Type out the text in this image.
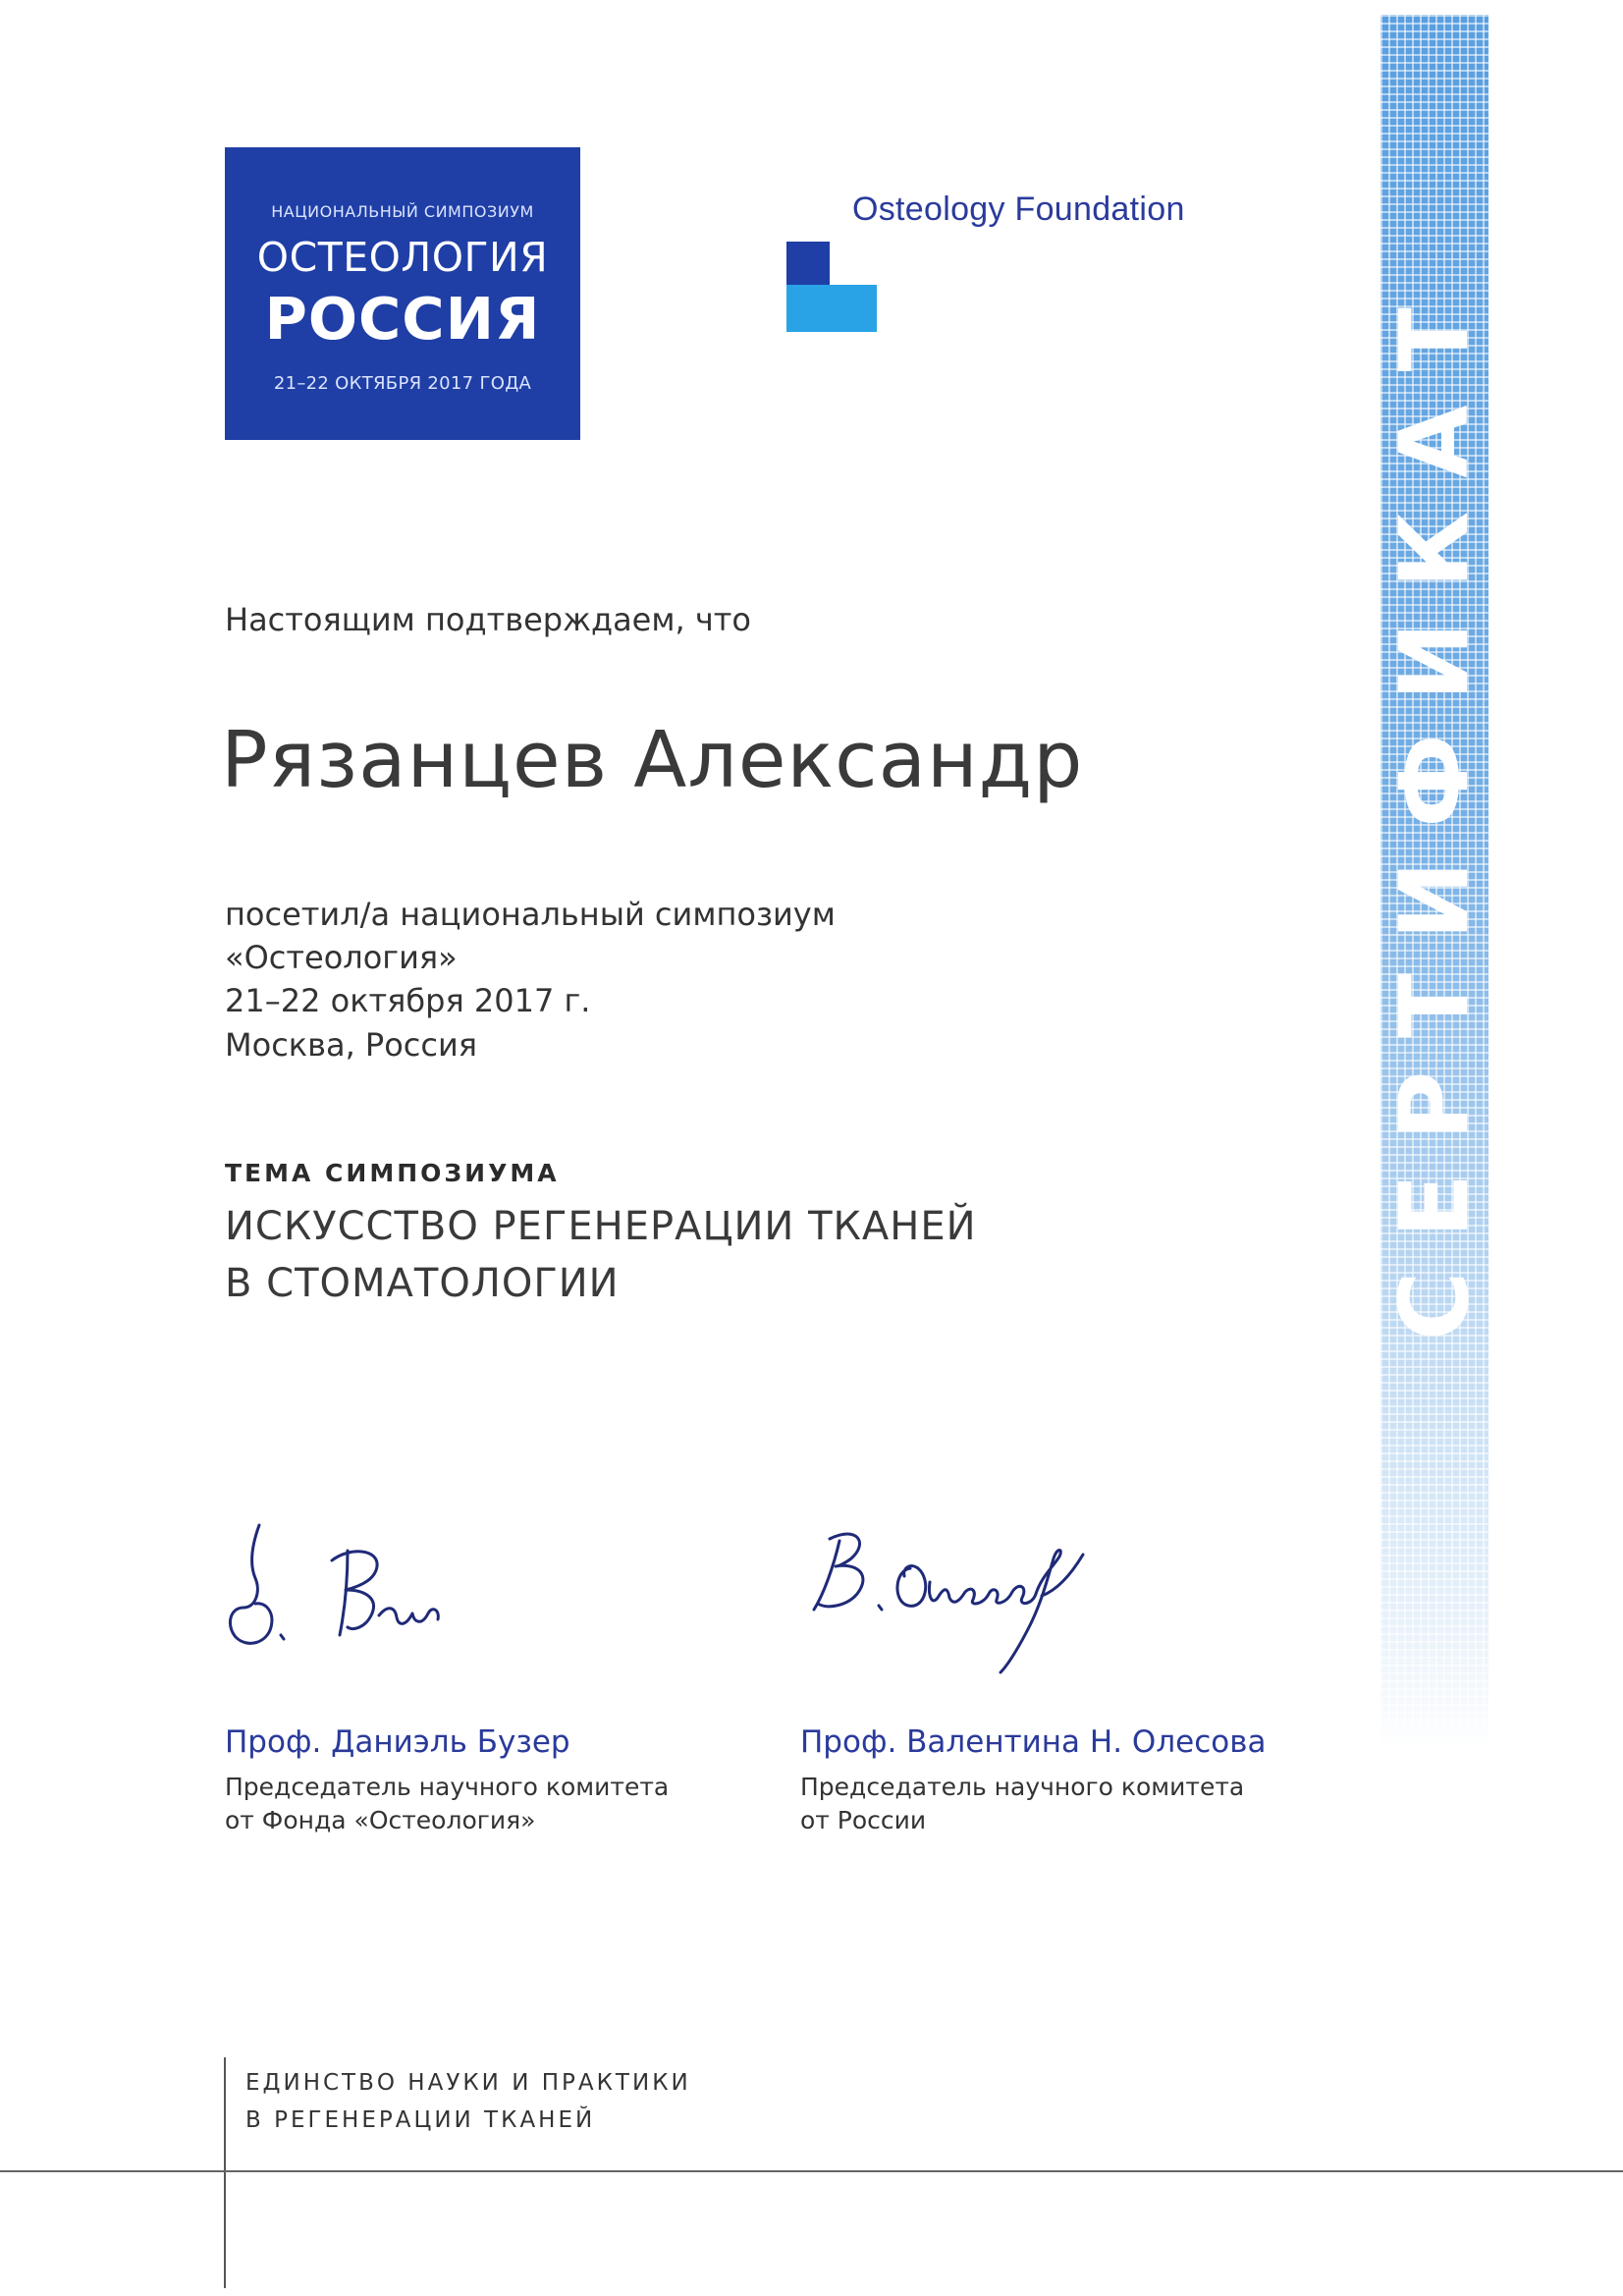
НАЦИОНАЛЬНЫЙ СИМПОЗИУМ
ОСТЕОЛОГИЯ
РОССИЯ
21–22 ОКТЯБРЯ 2017 ГОДА
Osteology Foundation
СЕРТИФИКАТ
Настоящим подтверждаем, что
Рязанцев Александр
посетил/а национальный симпозиум
«Остеология»
21–22 октября 2017 г.
Москва, Россия
ТЕМА СИМПОЗИУМА
ИСКУССТВО РЕГЕНЕРАЦИИ ТКАНЕЙ
В СТОМАТОЛОГИИ
Проф. Даниэль Бузер
Председатель научного комитета
от Фонда «Остеология»
Проф. Валентина Н. Олесова
Председатель научного комитета
от России
ЕДИНСТВО НАУКИ И ПРАКТИКИ
В РЕГЕНЕРАЦИИ ТКАНЕЙ
